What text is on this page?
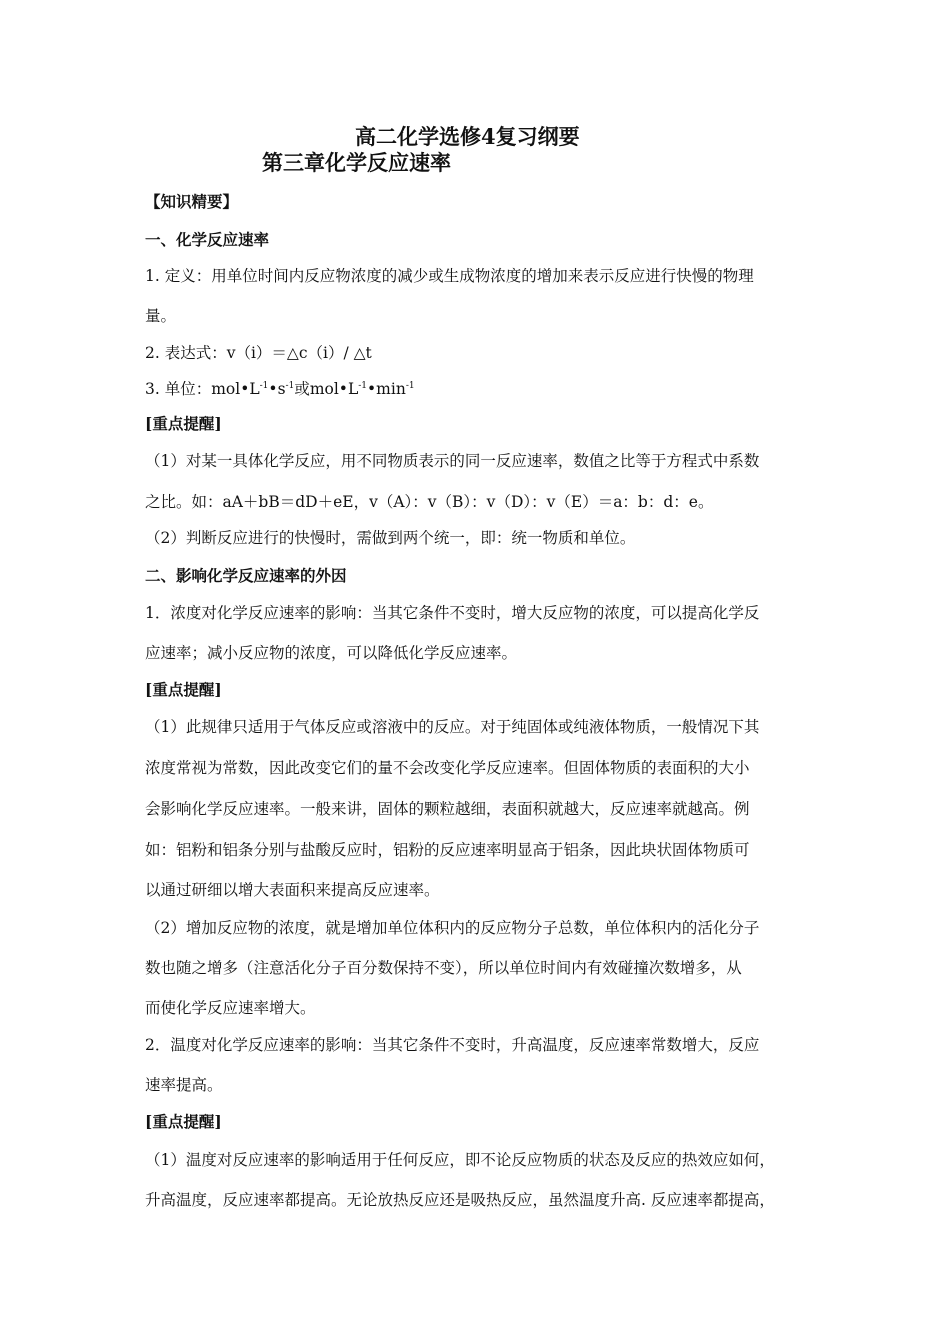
高二化学选修4复习纲要
第三章化学反应速率
【知识精要】
一、化学反应速率
1. 定义：用单位时间内反应物浓度的减少或生成物浓度的增加来表示反应进行快慢的物理
量。
2. 表达式：v（i）＝△c（i）/ △t
3. 单位：$mol•L^{-1}•s^{-1}$或$mol•L^{-1}•\min^{-1}$
[重点提醒]
（1）对某一具体化学反应，用不同物质表示的同一反应速率，数值之比等于方程式中系数
之比。如：aA＋bB＝dD＋eE，v（A）：v（B）：v（D）：v（E）＝a：b：d：e。
（2）判断反应进行的快慢时，需做到两个统一，即：统一物质和单位。
二、影响化学反应速率的外因
1．浓度对化学反应速率的影响：当其它条件不变时，增大反应物的浓度，可以提高化学反
应速率；减小反应物的浓度，可以降低化学反应速率。
[重点提醒]
（1）此规律只适用于气体反应或溶液中的反应。对于纯固体或纯液体物质，一般情况下其
浓度常视为常数，因此改变它们的量不会改变化学反应速率。但固体物质的表面积的大小
会影响化学反应速率。一般来讲，固体的颗粒越细，表面积就越大，反应速率就越高。例
如：铝粉和铝条分别与盐酸反应时，铝粉的反应速率明显高于铝条，因此块状固体物质可
以通过研细以增大表面积来提高反应速率。
（2）增加反应物的浓度，就是增加单位体积内的反应物分子总数，单位体积内的活化分子
数也随之增多（注意活化分子百分数保持不变），所以单位时间内有效碰撞次数增多，从
而使化学反应速率增大。
2．温度对化学反应速率的影响：当其它条件不变时，升高温度，反应速率常数增大，反应
速率提高。
[重点提醒]
（1）温度对反应速率的影响适用于任何反应，即不论反应物质的状态及反应的热效应如何，
升高温度，反应速率都提高。无论放热反应还是吸热反应，虽然温度升高. 反应速率都提高，
